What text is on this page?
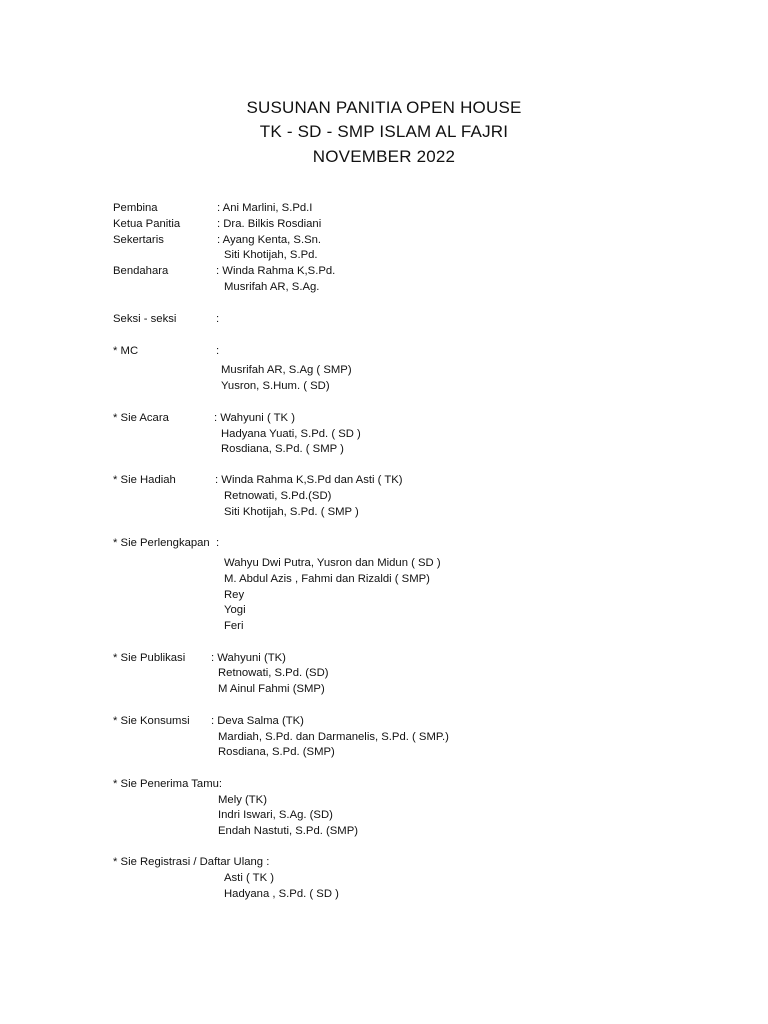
SUSUNAN PANITIA OPEN HOUSE
TK - SD - SMP ISLAM AL FAJRI
NOVEMBER 2022
Pembina	: Ani Marlini, S.Pd.I
Ketua Panitia	: Dra. Bilkis Rosdiani
Sekertaris	: Ayang Kenta, S.Sn.
Siti Khotijah, S.Pd.
Bendahara	: Winda Rahma K,S.Pd.
Musrifah AR, S.Ag.
Seksi - seksi	:
* MC	:
Musrifah AR, S.Ag ( SMP)
Yusron, S.Hum. ( SD)
* Sie Acara	: Wahyuni ( TK )
Hadyana Yuati, S.Pd. ( SD )
Rosdiana, S.Pd. ( SMP )
* Sie Hadiah	: Winda Rahma K,S.Pd dan Asti ( TK)
Retnowati, S.Pd.(SD)
Siti Khotijah, S.Pd. ( SMP )
* Sie Perlengkapan  :
Wahyu Dwi Putra, Yusron dan Midun ( SD )
M. Abdul Azis , Fahmi dan Rizaldi ( SMP)
Rey
Yogi
Feri
* Sie Publikasi : Wahyuni (TK)
Retnowati, S.Pd. (SD)
M Ainul Fahmi (SMP)
* Sie Konsumsi : Deva Salma (TK)
Mardiah, S.Pd. dan Darmanelis, S.Pd. ( SMP.)
Rosdiana, S.Pd. (SMP)
* Sie Penerima Tamu:
Mely (TK)
Indri Iswari, S.Ag. (SD)
Endah Nastuti, S.Pd. (SMP)
* Sie Registrasi / Daftar Ulang :
Asti ( TK )
Hadyana , S.Pd. ( SD )
